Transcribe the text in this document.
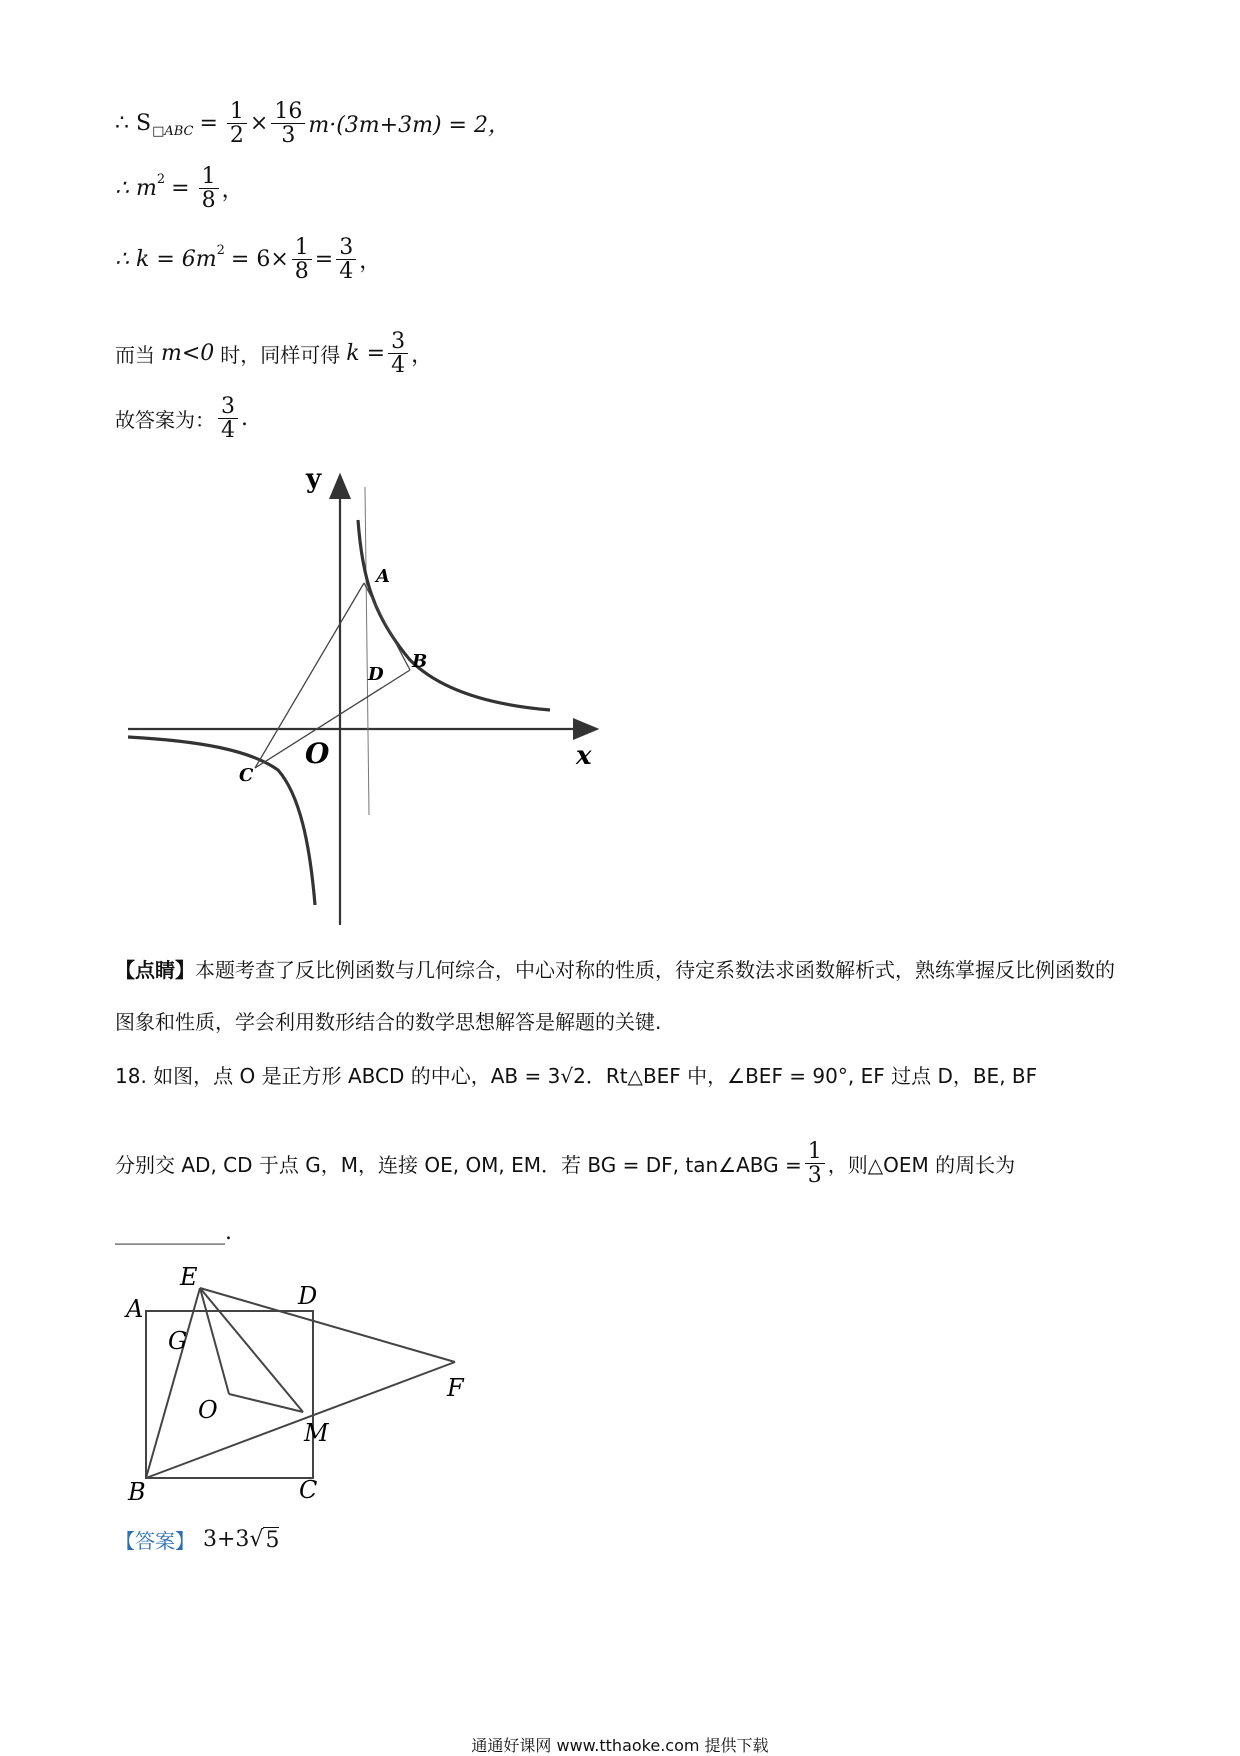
∴ S □ABC = $\frac{1}{2} \times \frac{16}{3} m\cdot(3m+3m) = 2$，
∴ m $2 = \frac{1}{8}$ ，
∴ k = 6m $2 = 6\times \frac{1}{8} = \frac{3}{4}$ ，
而当 m<0 时，同样可得 $k = \frac{3}{4}$ ，
故答案为： $\frac{3}{4}$ .
y
x
O
A
B
C
D
【点睛】本题考查了反比例函数与几何综合，中心对称的性质，待定系数法求函数解析式，熟练掌握反比例函数的图象和性质，学会利用数形结合的数学思想解答是解题的关键.
18. 如图，点 O 是正方形 ABCD 的中心，AB = 3√2．Rt△BEF 中，∠BEF = 90°, EF 过点 D，BE, BF
分别交 AD, CD 于点 G，M，连接 OE, OM, EM．若 BG = DF, tan∠ABG = $\frac{1}{3}$ ，则△OEM 的周长为
__________.
E
A	D
G
F
O
M
B	C
【答案】 3+3 √ 5
通通好课网 www.tthaoke.com 提供下载
